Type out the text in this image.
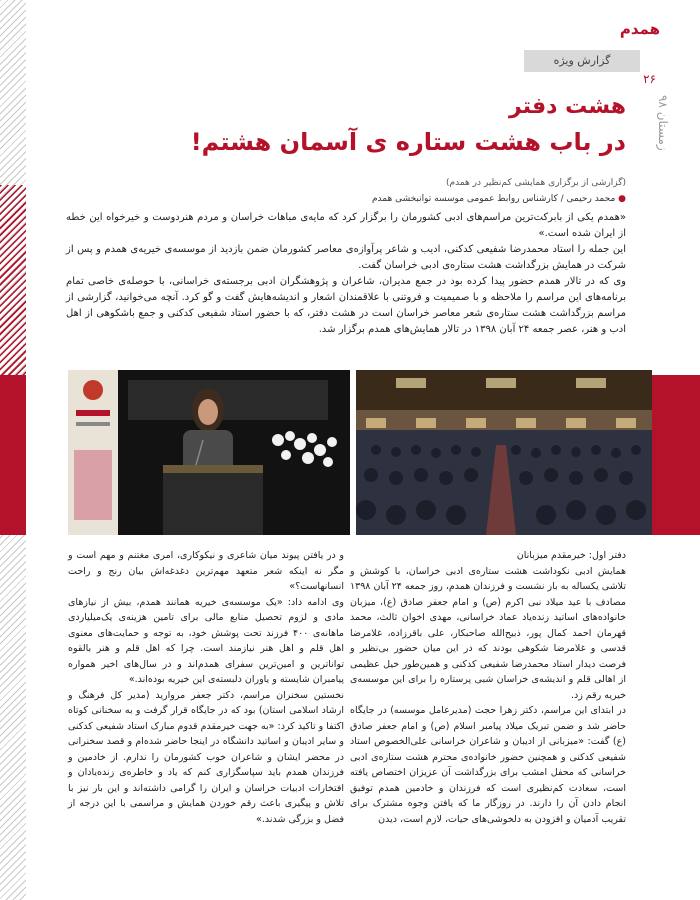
همدم
۲۶
زمستان ۹۸
گزارش ویژه
هشت دفتر
در باب هشت ستاره ی آسمان هشتم!
(گزارشی از برگزاری همایشی کم‌نظیر در همدم)
● محمد رحیمی / کارشناس روابط عمومی موسسه توانبخشی همدم

«همدم یکی از بابرکت‌ترین مراسم‌های ادبی کشورمان را برگزار کرد که مایه‌ی مباهات خراسان و مردم هنردوست و خیرخواه این خطه از ایران شده است.»

این جمله را استاد محمدرضا شفیعی کدکنی، ادیب و شاعر پرآوازه‌ی معاصر کشورمان ضمن بازدید از موسسه‌ی خیریه‌ی همدم و پس از شرکت در همایش بزرگداشت هشت ستاره‌ی ادبی خراسان گفت.

وی که در تالار همدم حضور پیدا کرده بود در جمع مدیران، شاعران و پژوهشگران ادبی برجسته‌ی خراسانی، با حوصله‌ی خاصی تمام برنامه‌های این مراسم را ملاحظه و با صمیمیت و فروتنی با علاقمندان اشعار و اندیشه‌هایش گفت و گو کرد. آنچه می‌خوانید، گزارشی از مراسم بزرگداشت هشت ستاره‌ی شعر معاصر خراسان است در هشت دفتر، که با حضور استاد شفیعی کدکنی و جمع باشکوهی از اهل ادب و هنر، عصر جمعه ۲۴ آبان ۱۳۹۸ در تالار همایش‌های همدم برگزار شد.

دفتر اول: خیرمقدم میزبانان

همایش ادبی نکوداشت هشت ستاره‌ی ادبی خراسان، با کوشش و تلاشی یکساله به بار نشست و فرزندان همدم، روز جمعه ۲۴ آبان ۱۳۹۸ مصادف با عید میلاد نبی اکرم (ص) و امام جعفر صادق (ع)، میزبان خانواده‌های اساتید زنده‌یاد عماد خراسانی، مهدی اخوان ثالث، محمد قهرمان احمد کمال پور، ذبیح‌الله صاحبکار، علی باقرزاده، غلامرضا قدسی و غلامرضا شکوهی بودند که در این میان حضور بی‌نظیر و فرصت دیدار استاد محمدرضا شفیعی کدکنی و همین‌طور خیل عظیمی از اهالی قلم و اندیشه‌ی خراسان شبی پرستاره را برای این موسسه‌ی خیریه رقم زد.

در ابتدای این مراسم، دکتر زهرا حجت (مدیرعامل موسسه) در جایگاه حاضر شد و ضمن تبریک میلاد پیامبر اسلام (ص) و امام جعفر صادق (ع) گفت: «میزبانی از ادیبان و شاعران خراسانی علی‌الخصوص استاد شفیعی کدکنی و همچنین حضور خانواده‌ی محترم هشت ستاره‌ی ادبی خراسانی که محفل امشب برای بزرگداشت آن عزیزان اختصاص یافته است، سعادت کم‌نظیری است که فرزندان و خادمین همدم توفیق انجام دادن آن را دارند. در روزگار ما که یافتن وجوه مشترک برای تقریب آدمیان و افزودن به دلخوشی‌های حیات، لازم است، دیدن

و در یافتن پیوند میان شاعری و نیکوکاری، امری مغتنم و مهم است و مگر نه اینکه شعر متعهد مهم‌ترین دغدغه‌اش بیان رنج و راحت انسانهاست؟»

وی ادامه داد: «یک موسسه‌ی خیریه همانند همدم، بیش از نیازهای مادی و لزوم تحصیل منابع مالی برای تامین هزینه‌ی یک‌میلیاردی ماهانه‌ی ۴۰۰ فرزند تحت پوشش خود، به توجه و حمایت‌های معنوی اهل قلم و اهل هنر نیازمند است. چرا که اهل قلم و هنر بالقوه توانا‌ترین و امین‌ترین سفرای همدم‌اند و در سال‌های اخیر همواره پیامبران شایسته و یاوران دلبسته‌ی این خیریه بوده‌اند.»

نخستین سخنران مراسم، دکتر جعفر مروارید (مدیر کل فرهنگ و ارشاد اسلامی استان) بود که در جایگاه قرار گرفت و به سخنانی کوتاه اکتفا و تاکید کرد: «به جهت خیرمقدم قدوم مبارک استاد شفیعی کدکنی و سایر ادیبان و اساتید دانشگاه در اینجا حاضر شده‌ام و قصد سخنرانی در محضر ایشان و شاعران خوب کشورمان را ندارم. از خادمین و فرزندان همدم باید سپاسگزاری کنم که یاد و خاطره‌ی زنده‌یادان و افتخارات ادبیات خراسان و ایران را گرامی داشته‌اند و این بار نیز با تلاش و پیگیری باعث رقم خوردن همایش و مراسمی با این درجه از فضل و بزرگی شدند.»
